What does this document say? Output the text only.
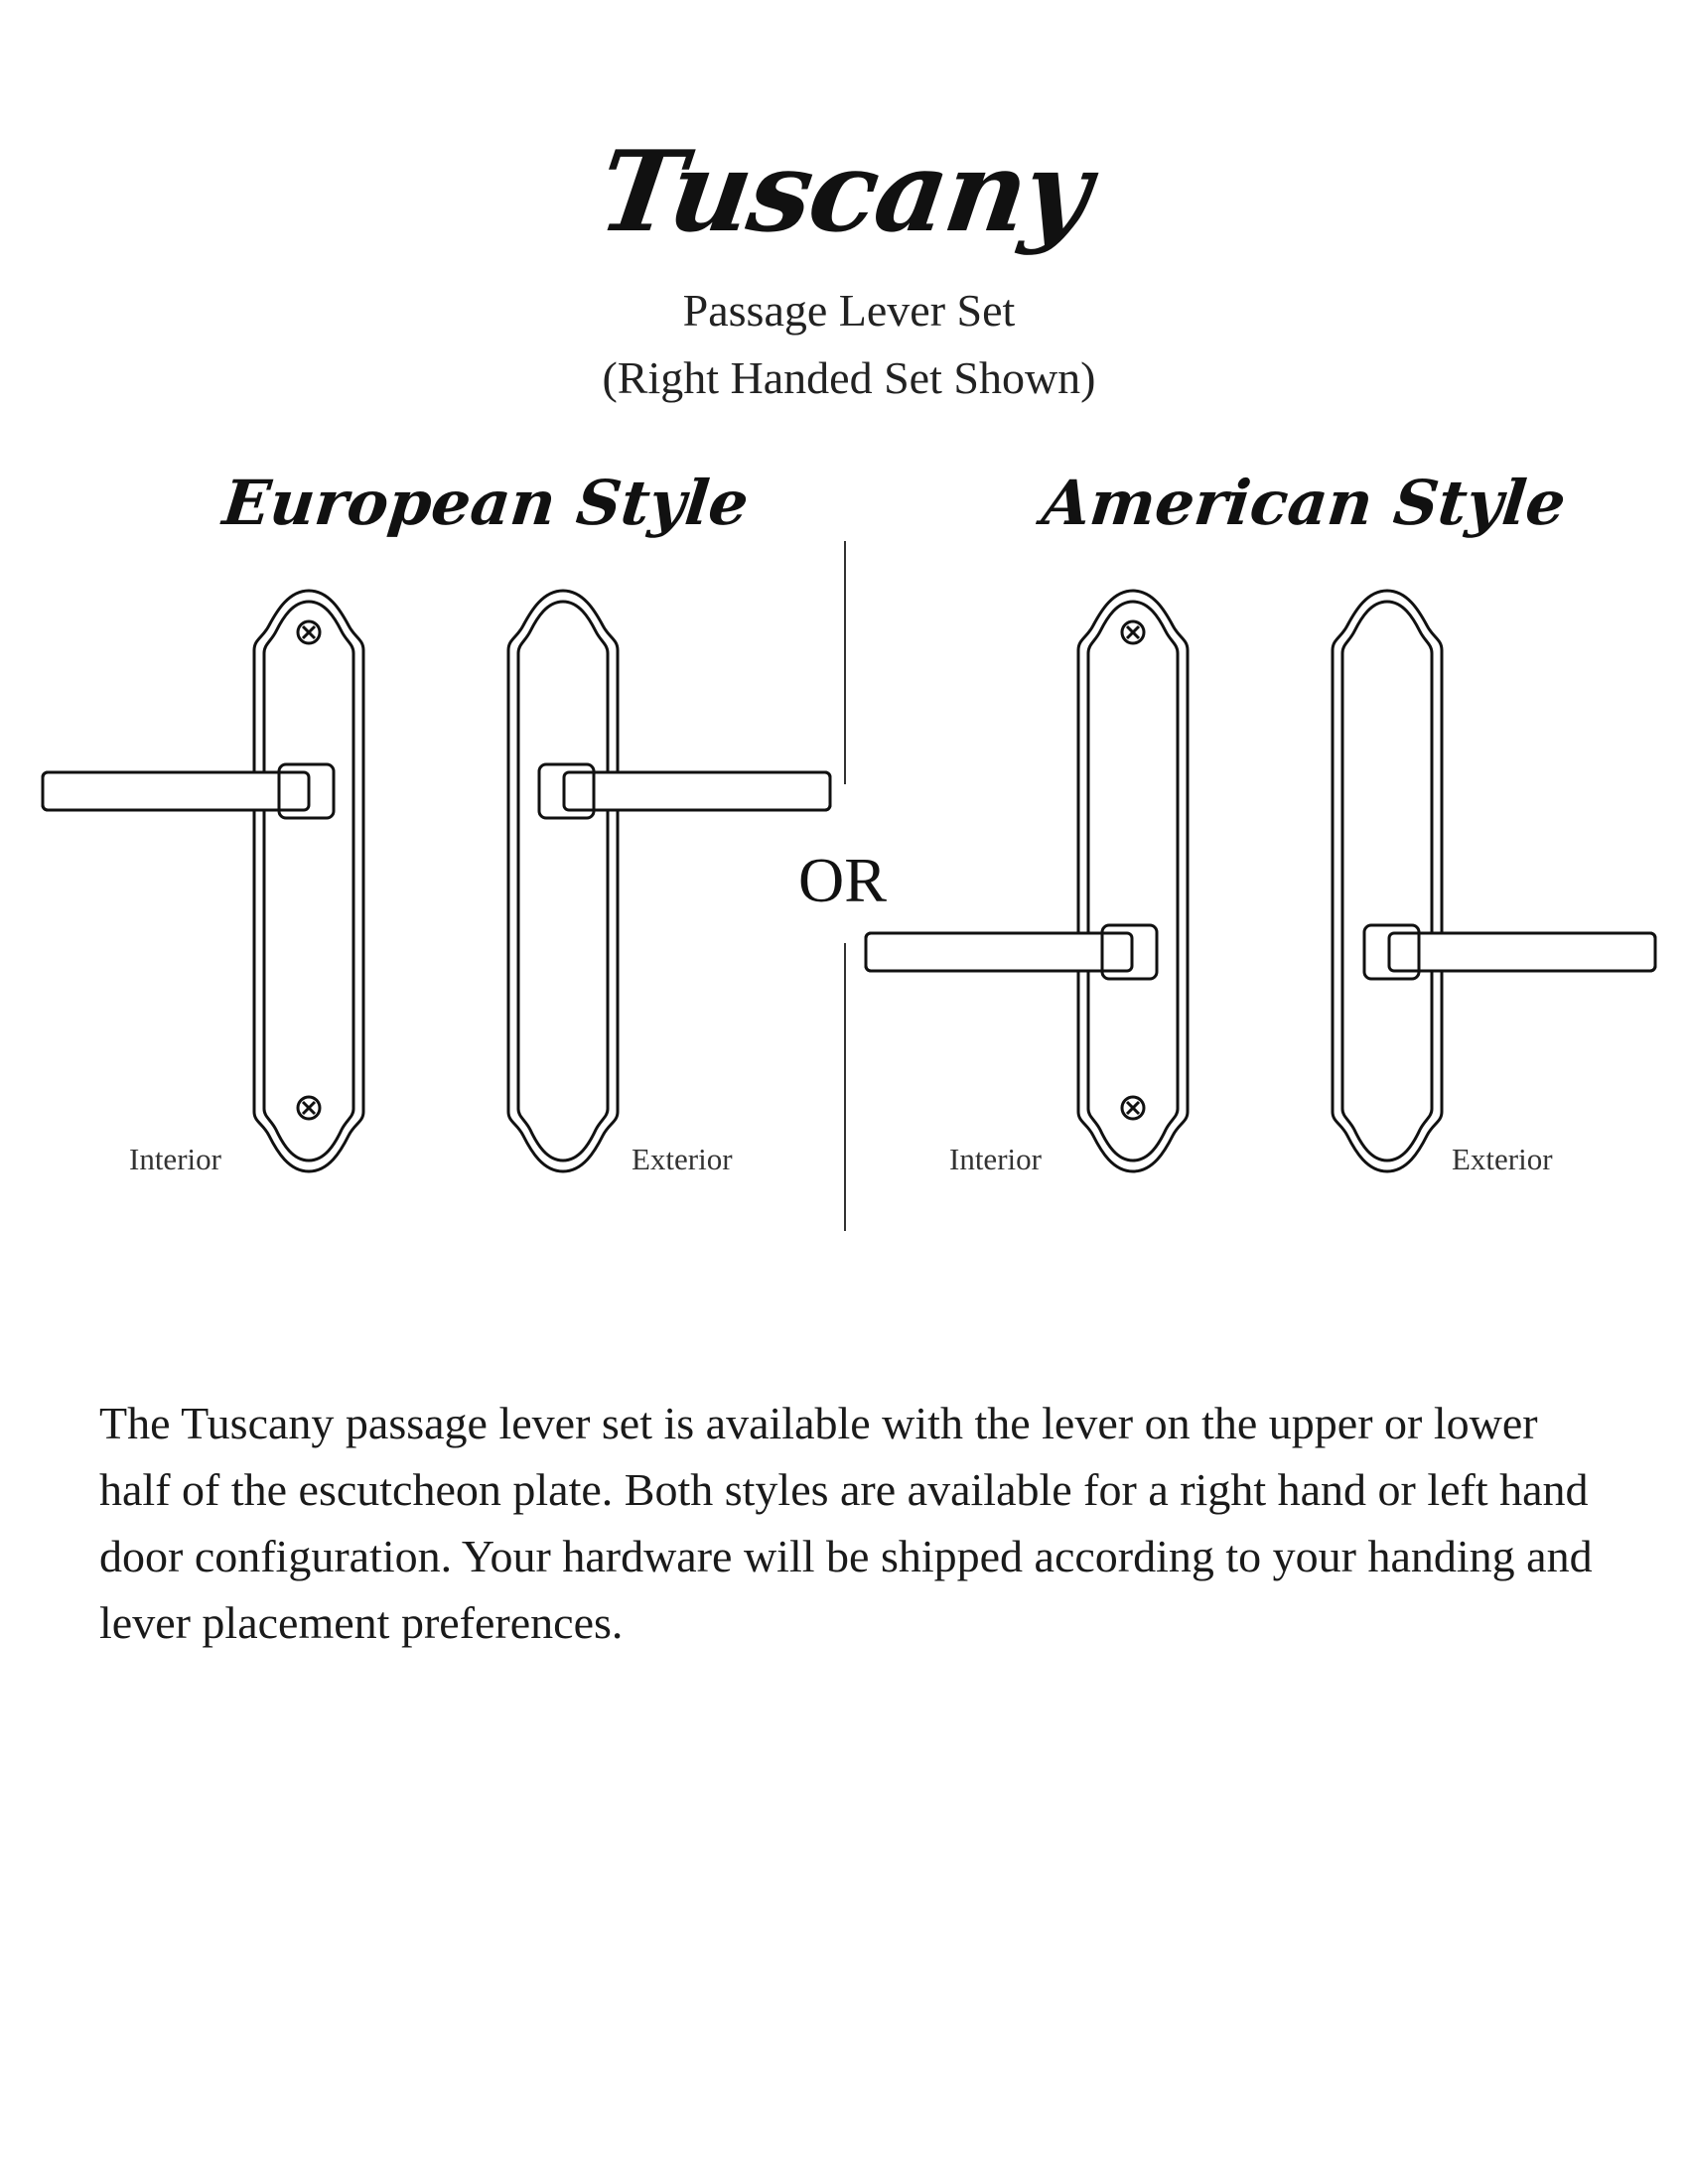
Tuscany
Passage Lever Set
(Right Handed Set Shown)
European Style	American Style
OR
Interior	Exterior	Interior	Exterior
The Tuscany passage lever set is available with the lever on the upper or lower half of the escutcheon plate. Both styles are available for a right hand or left hand door configuration. Your hardware will be shipped according to your handing and lever placement preferences.
